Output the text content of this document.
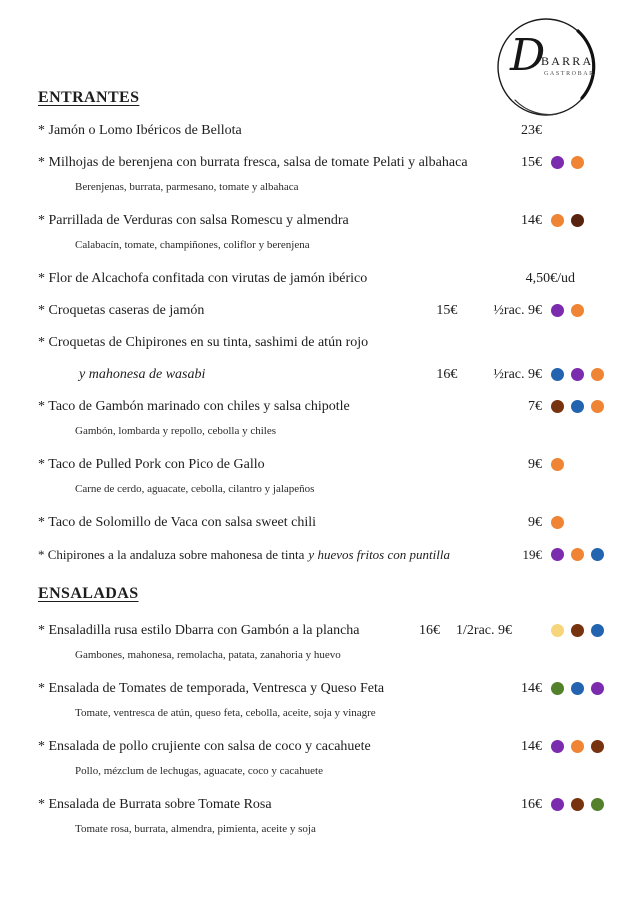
D
BARRA
GASTROBAR
ENTRANTES
* Jamón o Lomo Ibéricos de Bellota	23€
* Milhojas de berenjena con burrata fresca, salsa de tomate Pelati y albahaca	15€
Berenjenas, burrata, parmesano, tomate y albahaca
* Parrillada de Verduras con salsa Romescu y almendra	14€
Calabacín, tomate, champiñones, coliflor y berenjena
* Flor de Alcachofa confitada con virutas de jamón ibérico	4,50€/ud
* Croquetas caseras de jamón	15€	½rac. 9€
* Croquetas de Chipirones en su tinta, sashimi de atún rojo
y mahonesa de wasabi	16€	½rac. 9€
* Taco de Gambón marinado con chiles y salsa chipotle	7€
Gambón, lombarda y repollo, cebolla y chiles
* Taco de Pulled Pork con Pico de Gallo	9€
Carne de cerdo, aguacate, cebolla, cilantro y jalapeños
* Taco de Solomillo de Vaca con salsa sweet chili	9€
* Chipirones a la andaluza sobre mahonesa de tinta y huevos fritos con puntilla	19€
ENSALADAS
* Ensaladilla rusa estilo Dbarra con Gambón a la plancha	16€ 1/2rac. 9€
Gambones, mahonesa, remolacha, patata, zanahoria y huevo
* Ensalada de Tomates de temporada, Ventresca y Queso Feta	14€
Tomate, ventresca de atún, queso feta, cebolla, aceite, soja y vinagre
* Ensalada de pollo crujiente con salsa de coco y cacahuete	14€
Pollo, mézclum de lechugas, aguacate, coco y cacahuete
* Ensalada de Burrata sobre Tomate Rosa	16€
Tomate rosa, burrata, almendra, pimienta, aceite y soja
